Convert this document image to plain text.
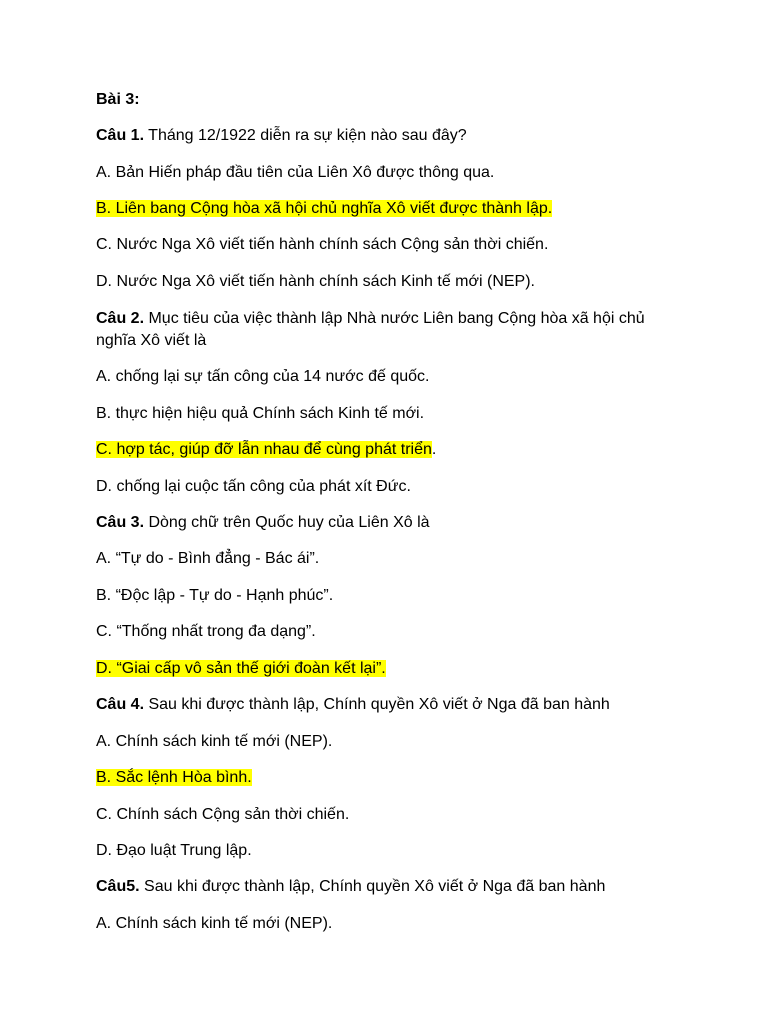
Bài 3:
Câu 1. Tháng 12/1922 diễn ra sự kiện nào sau đây?
A. Bản Hiến pháp đầu tiên của Liên Xô được thông qua.
B. Liên bang Cộng hòa xã hội chủ nghĩa Xô viết được thành lập.
C. Nước Nga Xô viết tiến hành chính sách Cộng sản thời chiến.
D. Nước Nga Xô viết tiến hành chính sách Kinh tế mới (NEP).
Câu 2. Mục tiêu của việc thành lập Nhà nước Liên bang Cộng hòa xã hội chủ nghĩa Xô viết là
A. chống lại sự tấn công của 14 nước đế quốc.
B. thực hiện hiệu quả Chính sách Kinh tế mới.
C. hợp tác, giúp đỡ lẫn nhau để cùng phát triển.
D. chống lại cuộc tấn công của phát xít Đức.
Câu 3. Dòng chữ trên Quốc huy của Liên Xô là
A. “Tự do - Bình đẳng - Bác ái”.
B. “Độc lập - Tự do - Hạnh phúc”.
C. “Thống nhất trong đa dạng”.
D. “Giai cấp vô sản thế giới đoàn kết lại”.
Câu 4. Sau khi được thành lập, Chính quyền Xô viết ở Nga đã ban hành
A. Chính sách kinh tế mới (NEP).
B. Sắc lệnh Hòa bình.
C. Chính sách Cộng sản thời chiến.
D. Đạo luật Trung lập.
Câu5. Sau khi được thành lập, Chính quyền Xô viết ở Nga đã ban hành
A. Chính sách kinh tế mới (NEP).
